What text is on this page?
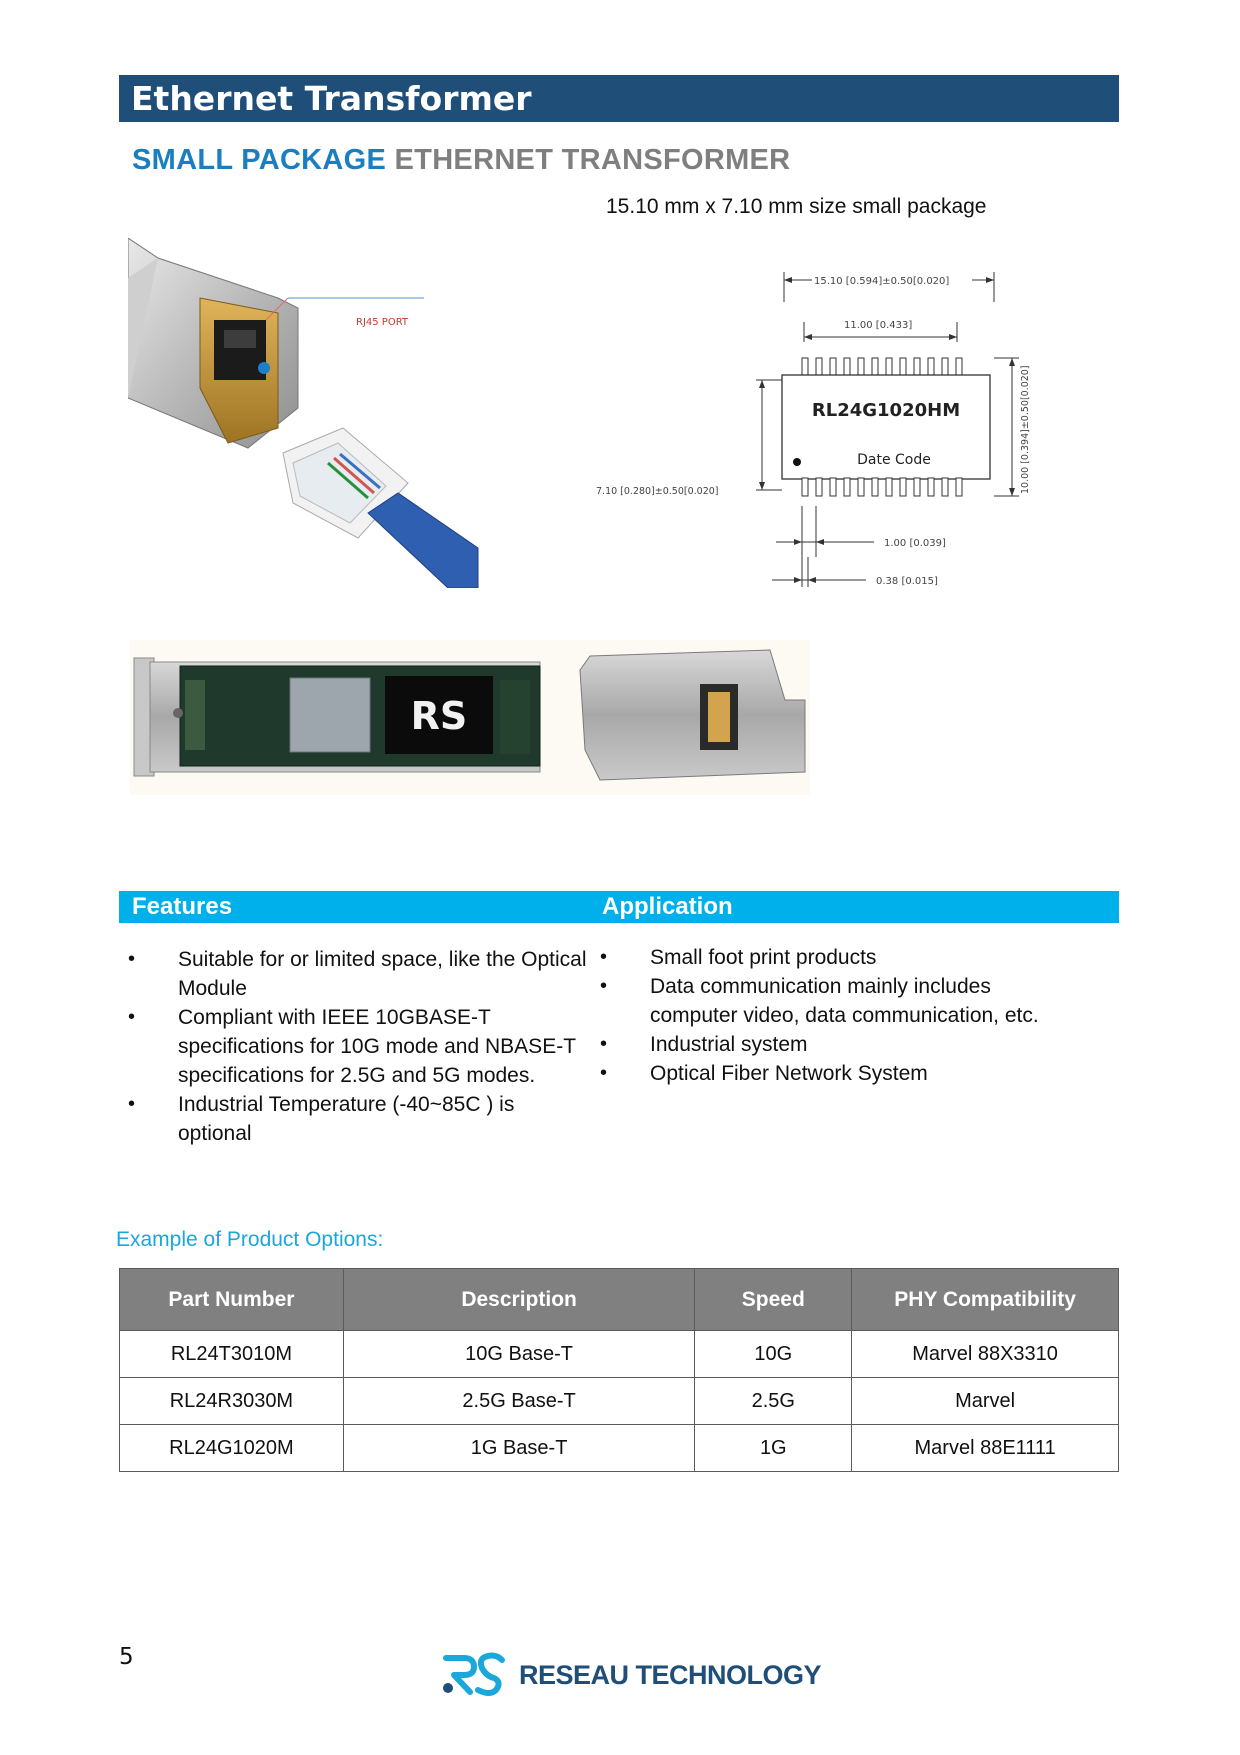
Ethernet Transformer
SMALL PACKAGE ETHERNET TRANSFORMER
15.10 mm x 7.10 mm size small package
RJ45 PORT
15.10 [0.594]±0.50[0.020]
11.00 [0.433]
RL24G1020HM
Date Code
7.10 [0.280]±0.50[0.020]	10.00 [0.394]±0.50[0.020]
1.00 [0.039]
0.38 [0.015]
RS
Features	Application
• Suitable for or limited space, like the Optical Module
• Compliant with IEEE 10GBASE-T specifications for 10G mode and NBASE-T specifications for 2.5G and 5G modes.
• Industrial Temperature (-40~85C ) is optional
• Small foot print products
• Data communication mainly includes computer video, data communication, etc.
• Industrial system
• Optical Fiber Network System
Example of Product Options:
Part Number	Description	Speed	PHY Compatibility
RL24T3010M	10G Base-T	10G	Marvel 88X3310
RL24R3030M	2.5G Base-T	2.5G	Marvel
RL24G1020M	1G Base-T	1G	Marvel 88E1111
5
RESEAU TECHNOLOGY
